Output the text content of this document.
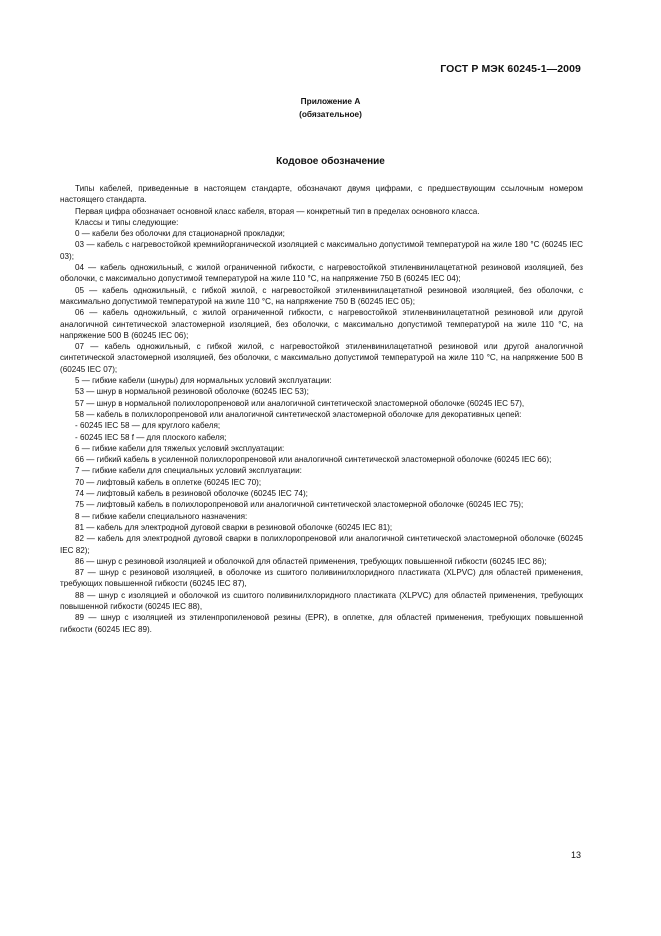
ГОСТ Р МЭК 60245-1—2009
Приложение А
(обязательное)
Кодовое обозначение

Типы кабелей, приведенные в настоящем стандарте, обозначают двумя цифрами, с предшествующим ссылочным номером настоящего стандарта.

Первая цифра обозначает основной класс кабеля, вторая — конкретный тип в пределах основного класса.

Классы и типы следующие:

0 — кабели без оболочки для стационарной прокладки;

03 — кабель с нагревостойкой кремнийорганической изоляцией с максимально допустимой температурой на жиле 180 °С (60245 IEC 03);

04 — кабель одножильный, с жилой ограниченной гибкости, с нагревостойкой этиленвинилацетатной резиновой изоляцией, без оболочки, с максимально допустимой температурой на жиле 110 °С, на напряжение 750 В (60245 IEC 04);

05 — кабель одножильный, с гибкой жилой, с нагревостойкой этиленвинилацетатной резиновой изоляцией, без оболочки, с максимально допустимой температурой на жиле 110 °С, на напряжение 750 В (60245 IEC 05);

06 — кабель одножильный, с жилой ограниченной гибкости, с нагревостойкой этиленвинилацетатной резиновой или другой аналогичной синтетической эластомерной изоляцией, без оболочки, с максимально допустимой температурой на жиле 110 °С, на напряжение 500 В (60245 IEC 06);

07 — кабель одножильный, с гибкой жилой, с нагревостойкой этиленвинилацетатной резиновой или другой аналогичной синтетической эластомерной изоляцией, без оболочки, с максимально допустимой температурой на жиле 110 °С, на напряжение 500 В (60245 IEC 07);

5 — гибкие кабели (шнуры) для нормальных условий эксплуатации:

53 — шнур в нормальной резиновой оболочке (60245 IEC 53);

57 — шнур в нормальной полихлоропреновой или аналогичной синтетической эластомерной оболочке (60245 IEC 57),

58 — кабель в полихлоропреновой или аналогичной синтетической эластомерной оболочке для декоративных цепей:

- 60245 IEC 58 — для круглого кабеля;

- 60245 IEC 58 f — для плоского кабеля;

6 — гибкие кабели для тяжелых условий эксплуатации:

66 — гибкий кабель в усиленной полихлоропреновой или аналогичной синтетической эластомерной оболочке (60245 IEC 66);

7 — гибкие кабели для специальных условий эксплуатации:

70 — лифтовый кабель в оплетке (60245 IEC 70);

74 — лифтовый кабель в резиновой оболочке (60245 IEC 74);

75 — лифтовый кабель в полихлоропреновой или аналогичной синтетической эластомерной оболочке (60245 IEC 75);

8 — гибкие кабели специального назначения:

81 — кабель для электродной дуговой сварки в резиновой оболочке (60245 IEC 81);

82 — кабель для электродной дуговой сварки в полихлоропреновой или аналогичной синтетической эластомерной оболочке (60245 IEC 82);

86 — шнур с резиновой изоляцией и оболочкой для областей применения, требующих повышенной гибкости (60245 IEC 86);

87 — шнур с резиновой изоляцией, в оболочке из сшитого поливинилхлоридного пластиката (XLPVC) для областей применения, требующих повышенной гибкости (60245 IEC 87),

88 — шнур с изоляцией и оболочкой из сшитого поливинилхлоридного пластиката (XLPVC) для областей применения, требующих повышенной гибкости (60245 IEC 88),

89 — шнур с изоляцией из этиленпропиленовой резины (EPR), в оплетке, для областей применения, требующих повышенной гибкости (60245 IEC 89).

13
